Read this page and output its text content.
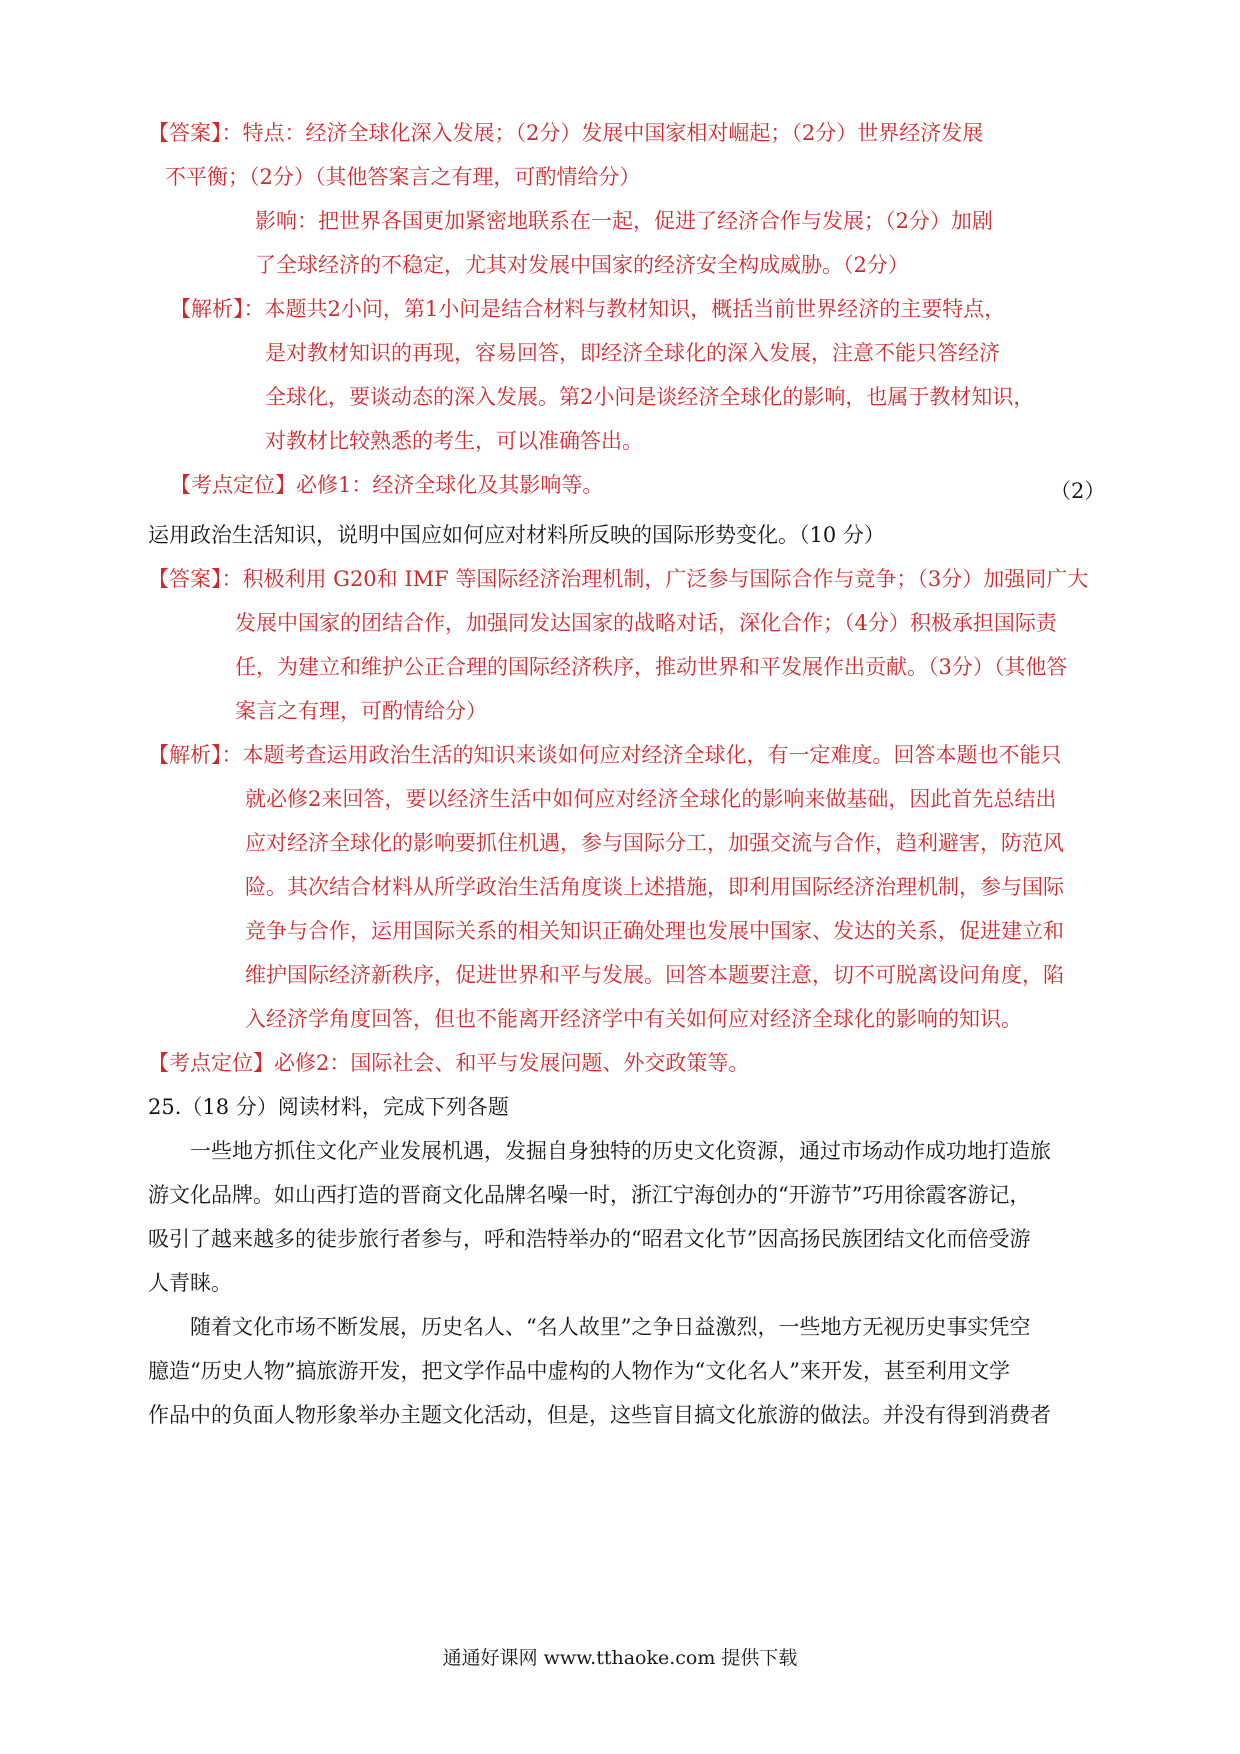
【答案】：特点：经济全球化深入发展；（2分）发展中国家相对崛起；（2分）世界经济发展
不平衡；（2分）（其他答案言之有理，可酌情给分）
影响：把世界各国更加紧密地联系在一起，促进了经济合作与发展；（2分）加剧
了全球经济的不稳定，尤其对发展中国家的经济安全构成威胁。（2分）
【解析】：本题共2小问，第1小问是结合材料与教材知识，概括当前世界经济的主要特点，
是对教材知识的再现，容易回答，即经济全球化的深入发展，注意不能只答经济
全球化，要谈动态的深入发展。第2小问是谈经济全球化的影响，也属于教材知识，
对教材比较熟悉的考生，可以准确答出。
【考点定位】必修1：经济全球化及其影响等。	（2）
运用政治生活知识，说明中国应如何应对材料所反映的国际形势变化。（10 分）
【答案】：积极利用 G20和 IMF 等国际经济治理机制，广泛参与国际合作与竞争；（3分）加强同广大
发展中国家的团结合作，加强同发达国家的战略对话，深化合作；（4分）积极承担国际责
任，为建立和维护公正合理的国际经济秩序，推动世界和平发展作出贡献。（3分）（其他答
案言之有理，可酌情给分）
【解析】：本题考查运用政治生活的知识来谈如何应对经济全球化，有一定难度。回答本题也不能只
就必修2来回答，要以经济生活中如何应对经济全球化的影响来做基础，因此首先总结出
应对经济全球化的影响要抓住机遇，参与国际分工，加强交流与合作，趋利避害，防范风
险。其次结合材料从所学政治生活角度谈上述措施，即利用国际经济治理机制，参与国际
竞争与合作，运用国际关系的相关知识正确处理也发展中国家、发达的关系，促进建立和
维护国际经济新秩序，促进世界和平与发展。回答本题要注意，切不可脱离设问角度，陷
入经济学角度回答，但也不能离开经济学中有关如何应对经济全球化的影响的知识。
【考点定位】必修2：国际社会、和平与发展问题、外交政策等。
25.（18 分）阅读材料，完成下列各题
一些地方抓住文化产业发展机遇，发掘自身独特的历史文化资源，通过市场动作成功地打造旅
游文化品牌。如山西打造的晋商文化品牌名噪一时，浙江宁海创办的“开游节”巧用徐霞客游记，
吸引了越来越多的徒步旅行者参与，呼和浩特举办的“昭君文化节”因高扬民族团结文化而倍受游
人青睐。
随着文化市场不断发展，历史名人、“名人故里”之争日益激烈，一些地方无视历史事实凭空
臆造“历史人物”搞旅游开发，把文学作品中虚构的人物作为“文化名人”来开发，甚至利用文学
作品中的负面人物形象举办主题文化活动，但是，这些盲目搞文化旅游的做法。并没有得到消费者
通通好课网 www.tthaoke.com 提供下载
